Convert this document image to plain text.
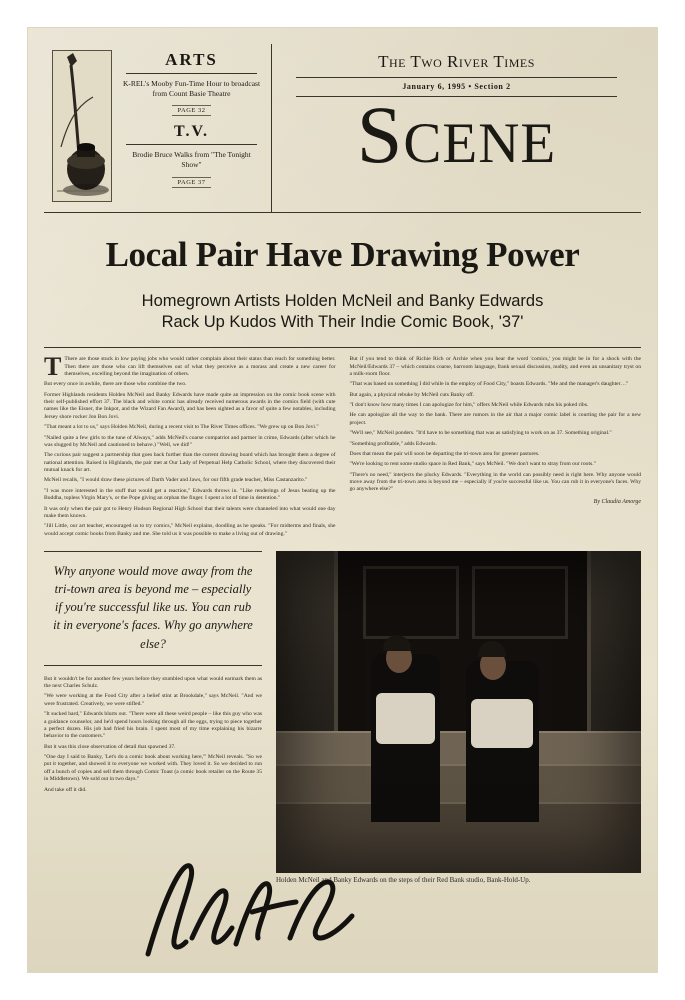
ARTS
K-REL's Mooby Fun-Time Hour to broadcast from Count Basie Theatre
PAGE 32
T.V.
Brodie Bruce Walks from "The Tonight Show"
PAGE 37
The Two River Times
January 6, 1995 • Section 2
Scene
Local Pair Have Drawing Power
Homegrown Artists Holden McNeil and Banky Edwards
Rack Up Kudos With Their Indie Comic Book, '37'

T There are those stuck in low paying jobs who would rather complain about their status than reach for something better. Then there are those who can lift themselves out of what they perceive as a morass and create a new career for themselves, excelling beyond the imagination of others.

But every once in awhile, there are those who combine the two.

Former Highlands residents Holden McNeil and Banky Edwards have made quite an impression on the comic book scene with their self-published effort 37. The black and white comic has already received numerous awards in the comics field (with cute names like the Eisner, the Inkpot, and the Wizard Fan Award), and has been sighted as a favor of quite a few notables, including Jersey shore rocker Jon Bon Jovi.

"That meant a lot to us," says Holden McNeil, during a recent visit to The River Times offices. "We grew up on Bon Jovi."

"Nailed quite a few girls to the tune of Always," adds McNeil's coarse compatriot and partner in crime, Edwards (after which he was slugged by McNeil and cautioned to behave.) "Well, we did!"

The curious pair suggest a partnership that goes back further than the current drawing board which has brought them a degree of national attention. Raised in Highlands, the pair met at Our Lady of Perpetual Help Catholic School, where they discovered their mutual knack for art.

McNeil recalls, "I would draw these pictures of Darth Vader and Jaws, for our fifth grade teacher, Miss Castanzarito."

"I was more interested in the stuff that would get a reaction," Edwards throws in. "Like renderings of Jesus beating up the Buddha, topless Virgin Mary's, or the Pope giving an orphan the finger. I spent a lot of time in detention."

It was only when the pair got to Henry Hudson Regional High School that their talents were channeled into what would one day make them known.

"Jill Little, our art teacher, encouraged us to try comics," McNeil explains, doodling as he speaks. "For midterms and finals, she would accept comic books from Banky and me. She told us it was possible to make a living out of drawing."

But if you tend to think of Richie Rich or Archie when you hear the word 'comics,' you might be in for a shock with the McNeil/Edwards 37 – which contains coarse, barroom language, frank sexual discussion, nudity, and even an unsanitary tryst on a milk-room floor.

"That was based on something I did while in the employ of Food City," boasts Edwards. "Me and the manager's daughter…"

But again, a physical rebuke by McNeil cuts Banky off.

"I don't know how many times I can apologize for him," offers McNeil while Edwards rubs his poked ribs.

He can apologize all the way to the bank. There are rumors in the air that a major comic label is courting the pair for a new project.

"We'll see," McNeil ponders. "It'd have to be something that was as satisfying to work on as 37. Something original."

"Something profitable," adds Edwards.

Does that mean the pair will soon be departing the tri-town area for greener pastures.

"We're looking to rent some studio space in Red Bank," says McNeil. "We don't want to stray from our roots."

"There's no need," interjects the plucky Edwards. "Everything in the world can possibly need is right here. Why anyone would move away from the tri-town area is beyond me – especially if you're successful like us. You can rub it in everyone's faces. Why go anywhere else?"

By Claudia Amorge
Why anyone would move away from the tri-town area is beyond me – especially if you're successful like us. You can rub it in everyone's faces. Why go anywhere else?

But it wouldn't be for another few years before they stumbled upon what would earmark them as the next Charles Schulz.

"We were working at the Food City after a belief stint at Brookdale," says McNeil. "And we were frustrated. Creatively, we were stifled."

"It sucked hard," Edwards blurts out. "There were all these weird people – like this guy who was a guidance counselor, and he'd spend hours looking through all the eggs, trying to piece together a perfect dozen. His job had fried his brain. I spent most of my time explaining his bizarre behavior to the customers."

But it was this close observation of detail that spawned 37.

"One day I said to Banky, 'Let's do a comic book about working here,'" McNeil reveals. "So we put it together, and showed it to everyone we worked with. They loved it. So we decided to run off a bunch of copies and sell them through Comic Toast (a comic book retailer on the Route 35 in Middletown). We sold out in two days."

And take off it did.

Holden McNeil and Banky Edwards on the steps of their Red Bank studio, Bank-Hold-Up.
